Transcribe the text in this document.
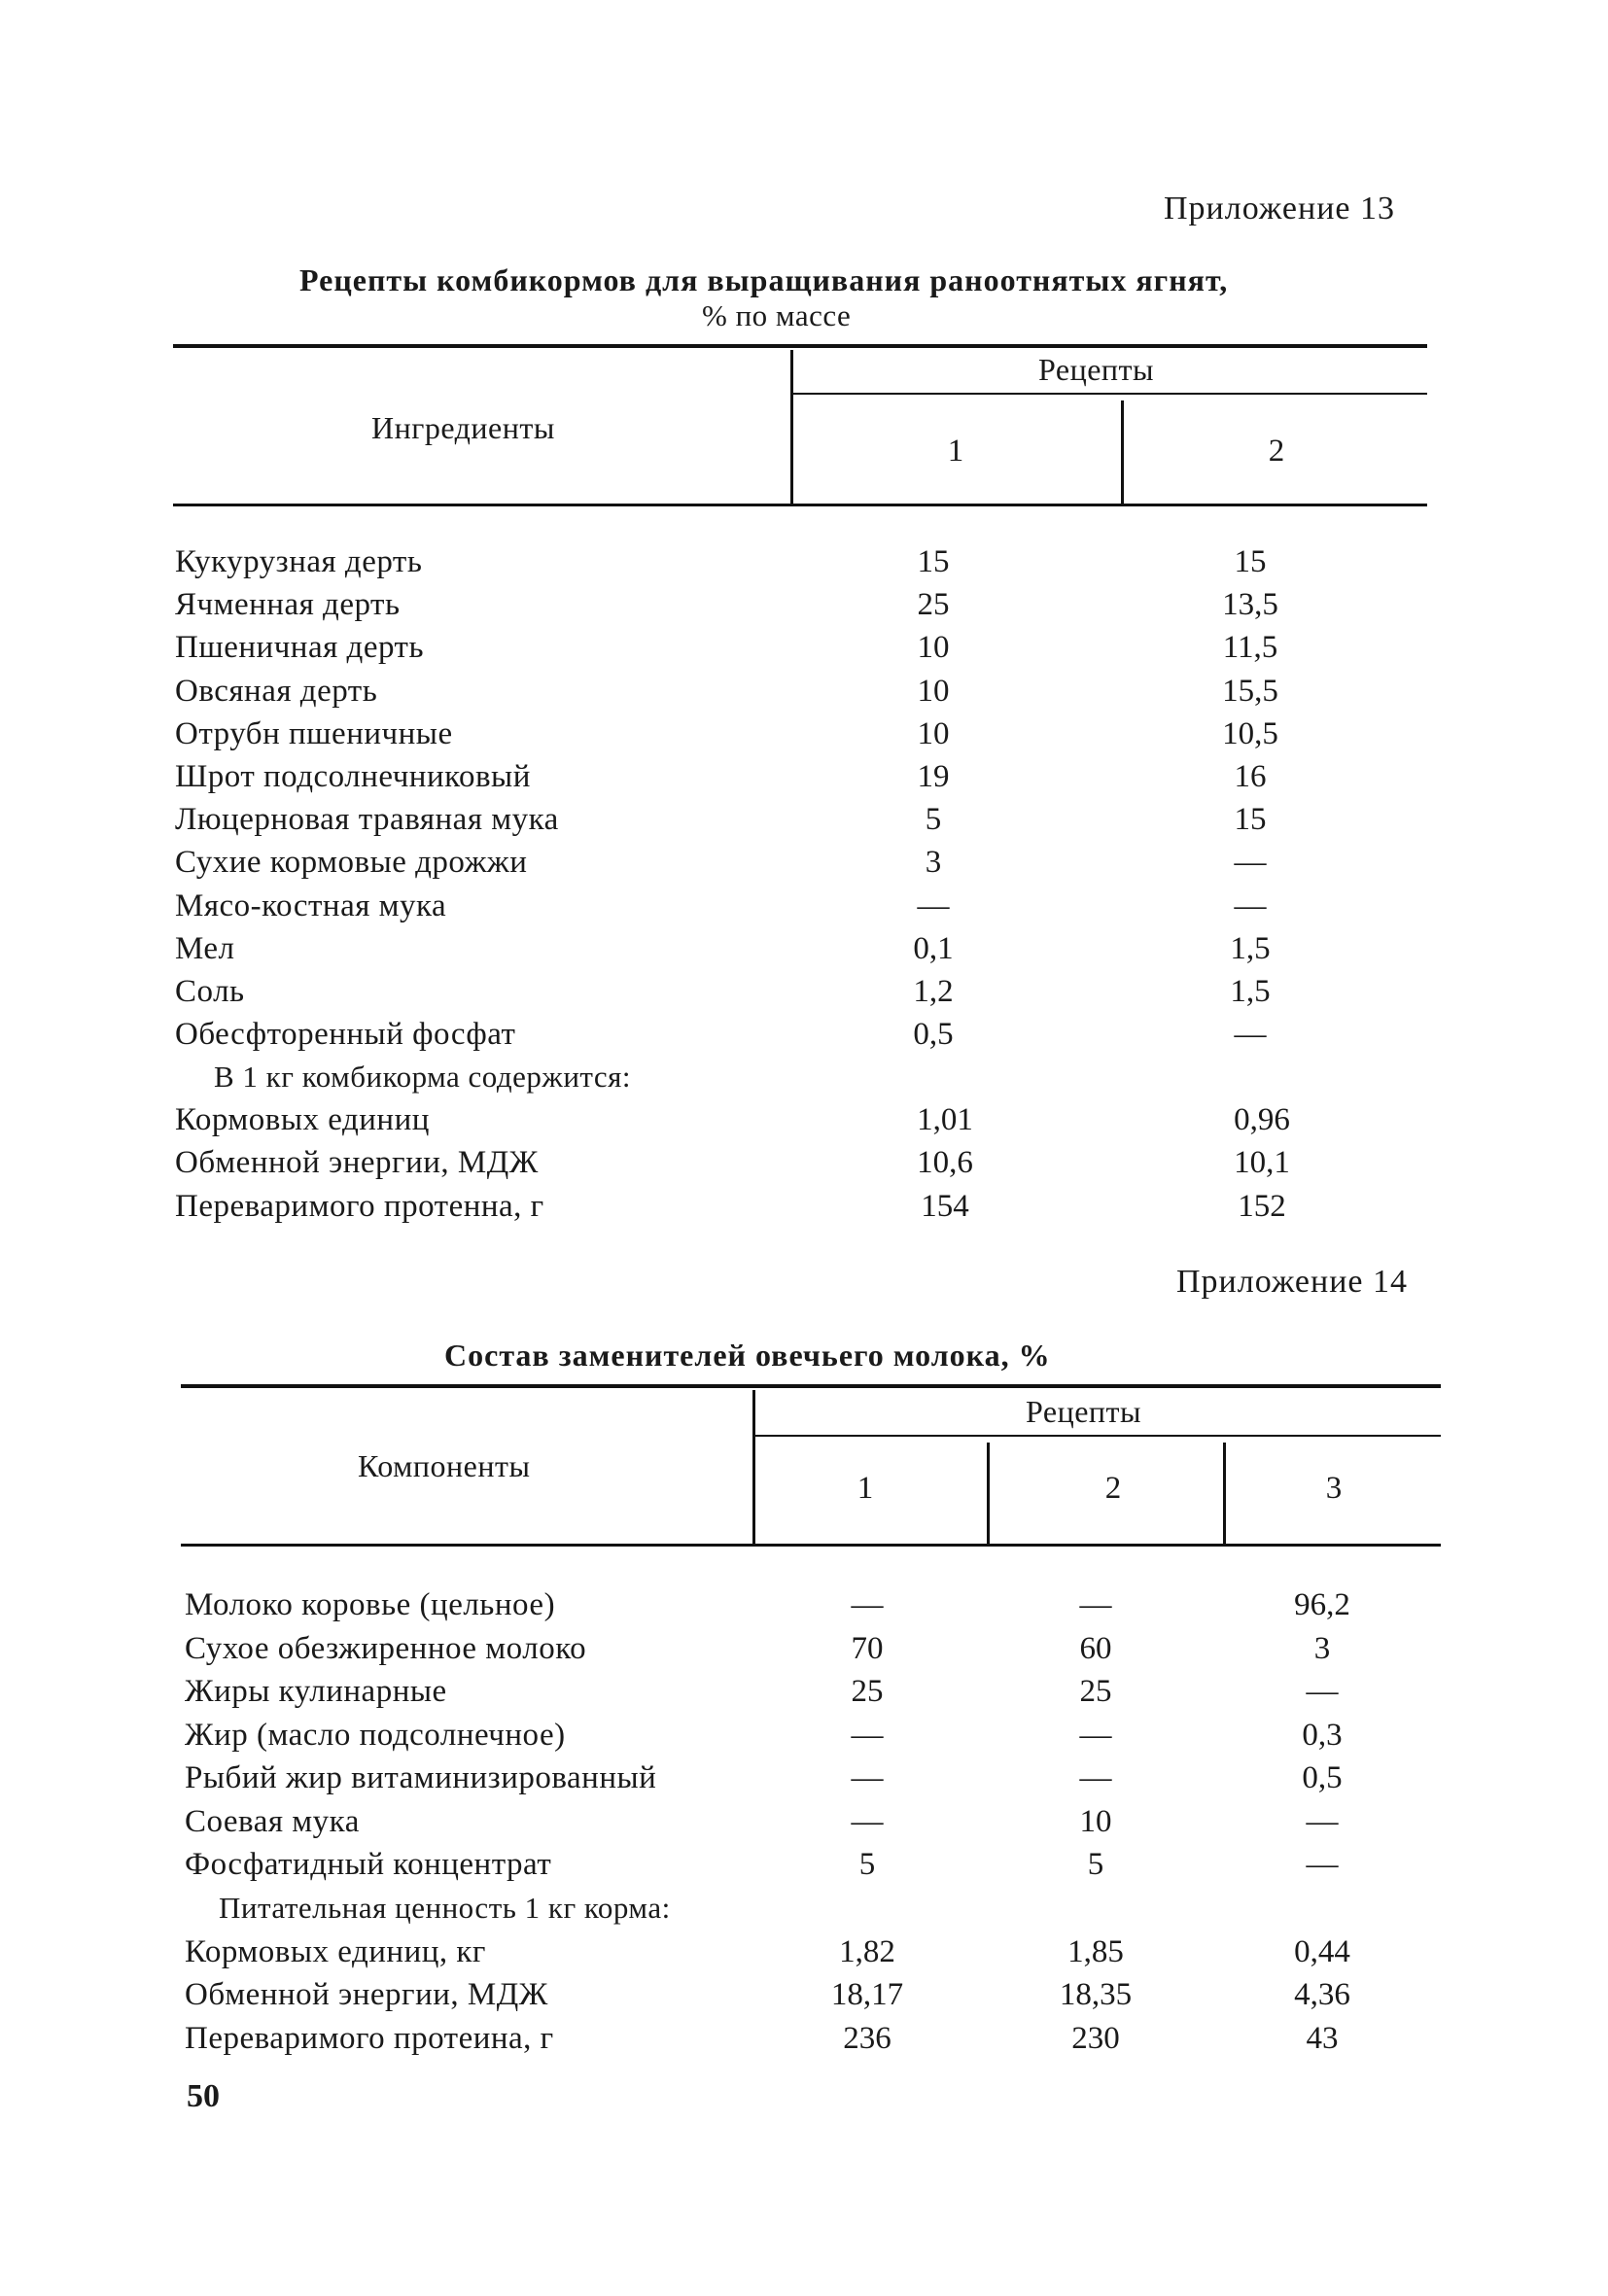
Приложение 13
Рецепты комбикормов для выращивания раноотнятых ягнят,
% по массе
Ингредиенты
Рецепты
1	2
Кукурузная дерть	15	15
Ячменная дерть	25	13,5
Пшеничная дерть	10	11,5
Овсяная дерть	10	15,5
Отрубн пшеничные	10	10,5
Шрот подсолнечниковый	19	16
Люцерновая травяная мука	5	15
Сухие кормовые дрожжи	3	—
Мясо-костная мука	—	—
Мел	0,1	1,5
Соль	1,2	1,5
Обесфторенный фосфат	0,5	—
В 1 кг комбикорма содержится:
Кормовых единиц	1,01	0,96
Обменной энергии, МДЖ	10,6	10,1
Переваримого протенна, г	154	152
Приложение 14
Состав заменителей овечьего молока, %
Компоненты
Рецепты
1	2	3
Молоко коровье (цельное)	—	—	96,2
Сухое обезжиренное молоко	70	60	3
Жиры кулинарные	25	25	—
Жир (масло подсолнечное)	—	—	0,3
Рыбий жир витаминизированный	—	—	0,5
Соевая мука	—	10	—
Фосфатидный концентрат	5	5	—
Питательная ценность 1 кг корма:
Кормовых единиц, кг	1,82	1,85	0,44
Обменной энергии, МДЖ	18,17	18,35	4,36
Переваримого протеина, г	236	230	43
50
